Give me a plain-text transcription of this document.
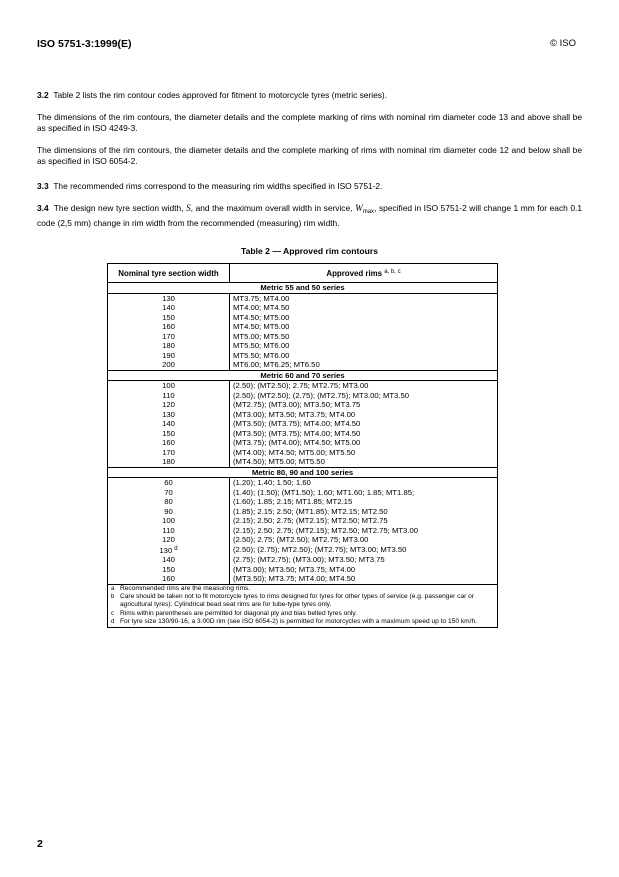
ISO 5751-3:1999(E)	© ISO
3.2 Table 2 lists the rim contour codes approved for fitment to motorcycle tyres (metric series).
The dimensions of the rim contours, the diameter details and the complete marking of rims with nominal rim diameter code 13 and above shall be as specified in ISO 4249-3.
The dimensions of the rim contours, the diameter details and the complete marking of rims with nominal rim diameter code 12 and below shall be as specified in ISO 6054-2.
3.3 The recommended rims correspond to the measuring rim widths specified in ISO 5751-2.
3.4 The design new tyre section width, S, and the maximum overall width in service, $W_{max}$, specified in ISO 5751-2 will change 1 mm for each 0.1 code (2,5 mm) change in rim width from the recommended (measuring) rim width.
Table 2 — Approved rim contours
Nominal tyre section width	Approved rims $^{a, b, c}$
Metric 55 and 50 series	
130	MT3.75; MT4.00
140	MT4.00; MT4.50
150	MT4.50; MT5.00
160	MT4.50; MT5.00
170	MT5.00; MT5.50
180	MT5.50; MT6.00
190	MT5.50; MT6.00
200	MT6.00; MT6.25; MT6.50
Metric 60 and 70 series	
100	(2.50); (MT2.50); 2.75; MT2.75; MT3.00
110	(2.50); (MT2.50); (2.75); (MT2.75); MT3.00; MT3.50
120	(MT2.75); (MT3.00); MT3.50; MT3.75
130	(MT3.00); MT3.50; MT3.75; MT4.00
140	(MT3.50); (MT3.75); MT4.00; MT4.50
150	(MT3.50); (MT3.75); MT4.00; MT4.50
160	(MT3.75); (MT4.00); MT4.50; MT5.00
170	(MT4.00); MT4.50; MT5.00; MT5.50
180	(MT4.50); MT5.00; MT5.50
Metric 80, 90 and 100 series	
60	(1.20); 1.40; 1.50; 1.60
70	(1.40); (1.50); (MT1.50); 1.60; MT1.60; 1.85; MT1.85;
80	(1.60); 1.85; 2.15; MT1.85; MT2.15
90	(1.85); 2.15; 2.50; (MT1.85); MT2.15; MT2.50
100	(2.15); 2.50; 2.75; (MT2.15); MT2.50; MT2.75
110	(2.15); 2.50; 2.75; (MT2.15); MT2.50; MT2.75; MT3.00
120	(2.50); 2.75; (MT2.50); MT2.75; MT3.00
130 $^d$	(2.50); (2.75); MT2.50); (MT2.75); MT3.00; MT3.50
140	(2.75); (MT2.75); (MT3.00); MT3.50; MT3.75
150	(MT3.00); MT3.50; MT3.75; MT4.00
160	(MT3.50); MT3.75; MT4.00; MT4.50
a Recommended rims are the measuring rims.	
b Care should be taken not to fit motorcycle tyres to rims designed for tyres for other types of service (e.g. passenger car or agricultural tyres). Cylindrical bead seat rims are for tube-type tyres only.	
c Rims within parentheses are permitted for diagonal ply and bias belted tyres only.	
d For tyre size 130/90-16, a 3.00D rim (see ISO 6054-2) is permitted for motorcycles with a maximum speed up to 150 km/h.	
2
